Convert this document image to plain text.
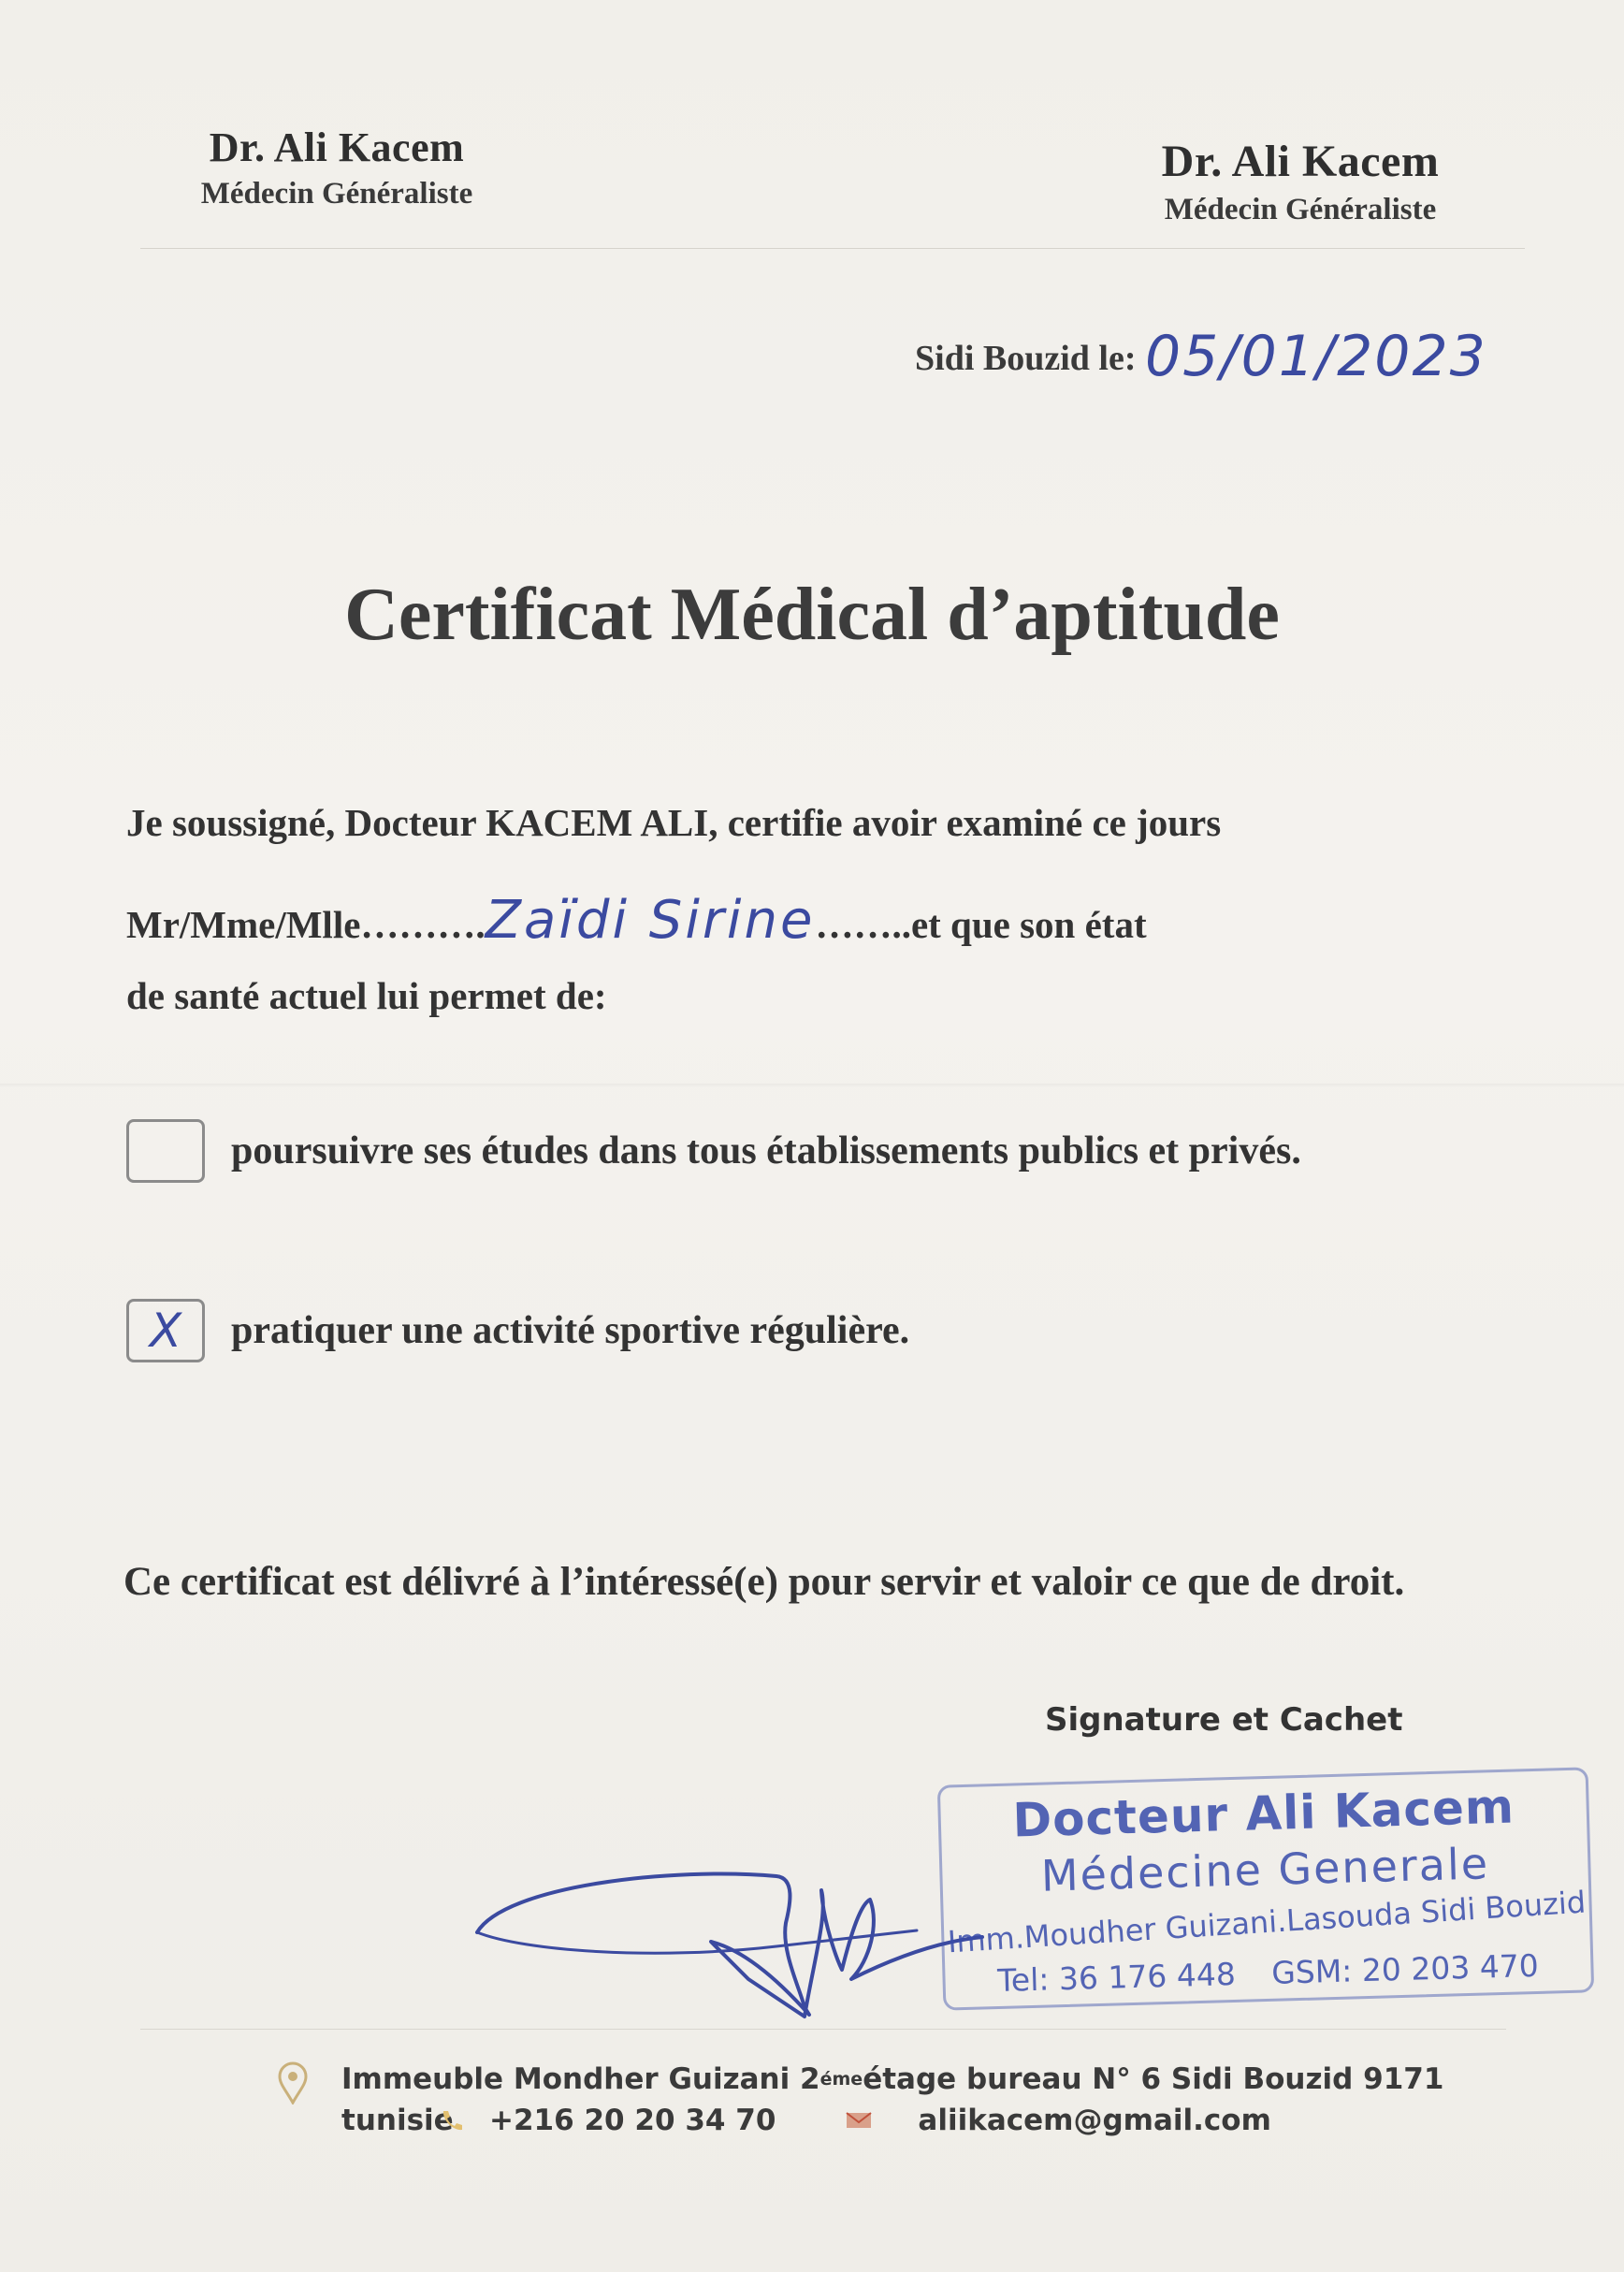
Dr. Ali Kacem
Médecin Généraliste
Dr. Ali Kacem
Médecin Généraliste
Sidi Bouzid le: 05/01/2023
Certificat Médical d’aptitude
Je soussigné, Docteur KACEM ALI, certifie avoir examiné ce jours
Mr/Mme/Mlle……….Zaïdi Sirine……..et que son état
de santé actuel lui permet de:
poursuivre ses études dans tous établissements publics et privés.
X pratiquer une activité sportive régulière.
Ce certificat est délivré à l’intéressé(e) pour servir et valoir ce que de droit.
Signature et Cachet
Docteur Ali Kacem
Médecine Generale
Imm.Moudher Guizani.Lasouda Sidi Bouzid
Tel: 36 176 448 GSM: 20 203 470
Immeuble Mondher Guizani 2 éme étage bureau N° 6 Sidi Bouzid 9171
tunisie +216 20 20 34 70	aliikacem@gmail.com
